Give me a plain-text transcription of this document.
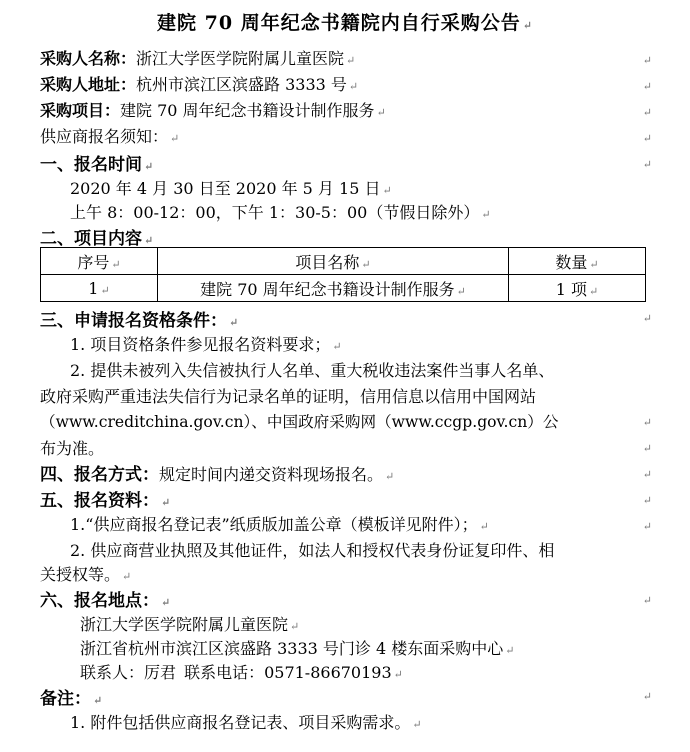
建院 70 周年纪念书籍院内自行采购公告 ↵
采购人名称：浙江大学医学院附属儿童医院 ↵
采购人地址：杭州市滨江区滨盛路 3333 号 ↵
采购项目：建院 70 周年纪念书籍设计制作服务 ↵
供应商报名须知： ↵
一、报名时间 ↵
2020 年 4 月 30 日至 2020 年 5 月 15 日 ↵
上午 8：00-12：00，下午 1：30-5：00（节假日除外） ↵
二、项目内容 ↵
序号 ↵	项目名称 ↵	数量 ↵
1 ↵	建院 70 周年纪念书籍设计制作服务 ↵	1 项 ↵
三、申请报名资格条件： ↵
1. 项目资格条件参见报名资料要求； ↵
2. 提供未被列入失信被执行人名单、重大税收违法案件当事人名单、
政府采购严重违法失信行为记录名单的证明，信用信息以信用中国网站
（www.creditchina.gov.cn）、中国政府采购网（www.ccgp.gov.cn）公
布为准。
四、报名方式：规定时间内递交资料现场报名。 ↵
五、报名资料： ↵
1.“供应商报名登记表”纸质版加盖公章（模板详见附件）； ↵
2. 供应商营业执照及其他证件，如法人和授权代表身份证复印件、相
关授权等。 ↵
六、报名地点： ↵
浙江大学医学院附属儿童医院 ↵
浙江省杭州市滨江区滨盛路 3333 号门诊 4 楼东面采购中心 ↵
联系人：厉君 联系电话：0571-86670193 ↵
备注： ↵
1. 附件包括供应商报名登记表、项目采购需求。 ↵
↵
↵
↵
↵
↵
↵
↵
↵
↵
↵
↵
↵
↵
